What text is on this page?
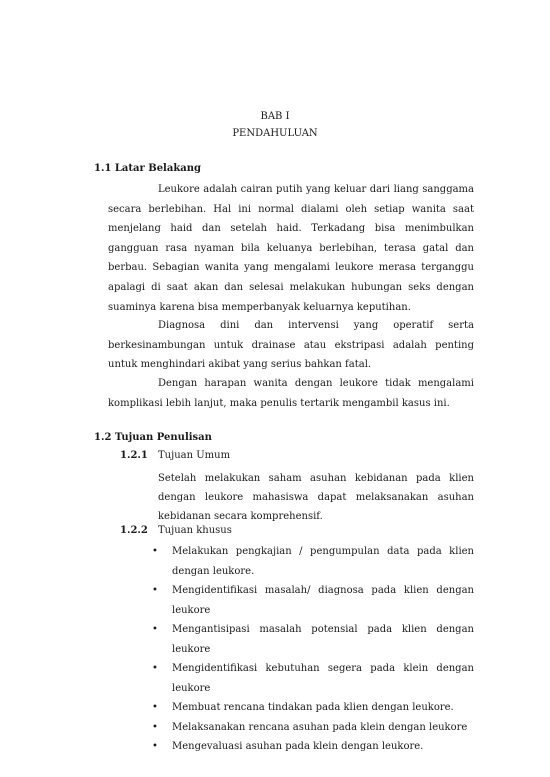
BAB I
PENDAHULUAN
1.1 Latar Belakang
Leukore adalah cairan putih yang keluar dari liang sanggama secara berlebihan. Hal ini normal dialami oleh setiap wanita saat menjelang haid dan setelah haid. Terkadang bisa menimbulkan gangguan rasa nyaman bila keluanya berlebihan, terasa gatal dan berbau. Sebagian wanita yang mengalami leukore merasa terganggu apalagi di saat akan dan selesai melakukan hubungan seks dengan suaminya karena bisa memperbanyak keluarnya keputihan.
Diagnosa dini dan intervensi yang operatif serta berkesinambungan untuk drainase atau ekstripasi adalah penting untuk menghindari akibat yang serius bahkan fatal.
Dengan harapan wanita dengan leukore tidak mengalami komplikasi lebih lanjut, maka penulis tertarik mengambil kasus ini.
1.2 Tujuan Penulisan
1.2.1 Tujuan Umum
Setelah melakukan saham asuhan kebidanan pada klien dengan leukore mahasiswa dapat melaksanakan asuhan kebidanan secara komprehensif.
1.2.2 Tujuan khusus
• Melakukan pengkajian / pengumpulan data pada klien dengan leukore.
• Mengidentifikasi masalah/ diagnosa pada klien dengan leukore
• Mengantisipasi masalah potensial pada klien dengan leukore
• Mengidentifikasi kebutuhan segera pada klein dengan leukore
• Membuat rencana tindakan pada klien dengan leukore.
• Melaksanakan rencana asuhan pada klein dengan leukore
• Mengevaluasi asuhan pada klein dengan leukore.
